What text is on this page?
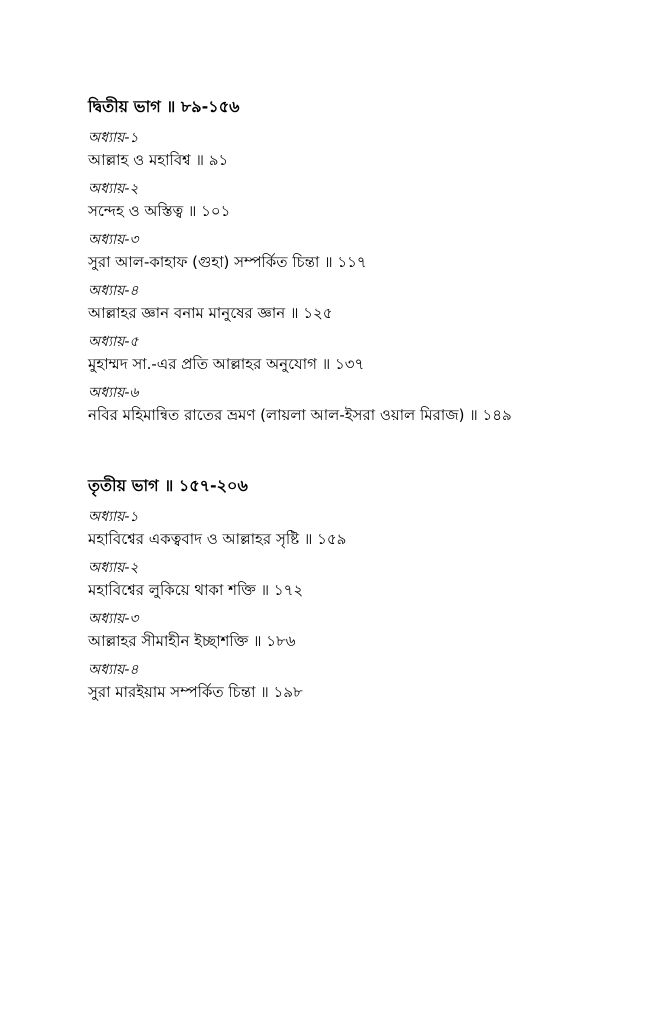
দ্বিতীয় ভাগ ॥ ৮৯-১৫৬
অধ্যায়-১
আল্লাহ ও মহাবিশ্ব ॥ ৯১
অধ্যায়-২
সন্দেহ ও অস্তিত্ব ॥ ১০১
অধ্যায়-৩
সুরা আল-কাহাফ (গুহা) সম্পর্কিত চিন্তা ॥ ১১৭
অধ্যায়-৪
আল্লাহর জ্ঞান বনাম মানুষের জ্ঞান ॥ ১২৫
অধ্যায়-৫
মুহাম্মদ সা.-এর প্রতি আল্লাহর অনুযোগ ॥ ১৩৭
অধ্যায়-৬
নবির মহিমান্বিত রাতের ভ্রমণ (লায়লা আল-ইসরা ওয়াল মিরাজ) ॥ ১৪৯
তৃতীয় ভাগ ॥ ১৫৭-২০৬
অধ্যায়-১
মহাবিশ্বের একত্ববাদ ও আল্লাহর সৃষ্টি ॥ ১৫৯
অধ্যায়-২
মহাবিশ্বের লুকিয়ে থাকা শক্তি ॥ ১৭২
অধ্যায়-৩
আল্লাহর সীমাহীন ইচ্ছাশক্তি ॥ ১৮৬
অধ্যায়-৪
সুরা মারইয়াম সম্পর্কিত চিন্তা ॥ ১৯৮
